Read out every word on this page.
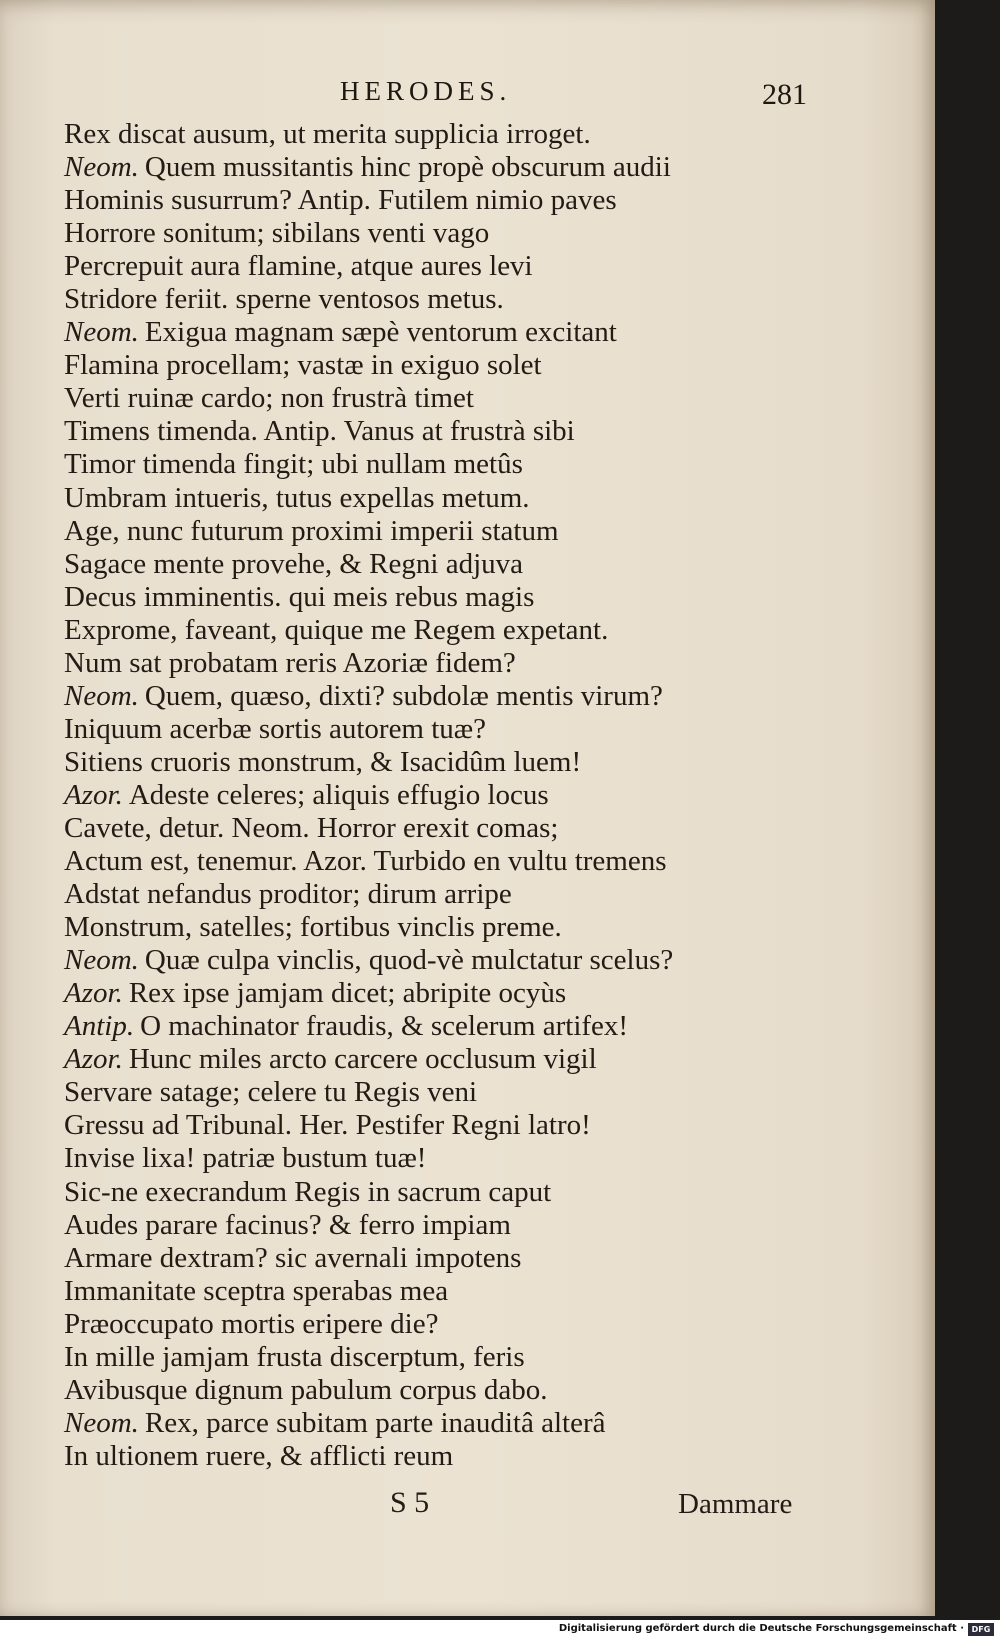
HERODES.	281
Rex discat ausum, ut merita supplicia irroget.
Neom. Quem mussitantis hinc propè obscurum audii
Hominis susurrum? Antip. Futilem nimio paves
Horrore sonitum; sibilans venti vago
Percrepuit aura flamine, atque aures levi
Stridore feriit. sperne ventosos metus.
Neom. Exigua magnam sæpè ventorum excitant
Flamina procellam; vastæ in exiguo solet
Verti ruinæ cardo; non frustrà timet
Timens timenda. Antip. Vanus at frustrà sibi
Timor timenda fingit; ubi nullam metûs
Umbram intueris, tutus expellas metum.
Age, nunc futurum proximi imperii statum
Sagace mente provehe, & Regni adjuva
Decus imminentis. qui meis rebus magis
Exprome, faveant, quique me Regem expetant.
Num sat probatam reris Azoriæ fidem?
Neom. Quem, quæso, dixti? subdolæ mentis virum?
Iniquum acerbæ sortis autorem tuæ?
Sitiens cruoris monstrum, & Isacidûm luem!
Azor. Adeste celeres; aliquis effugio locus
Cavete, detur. Neom. Horror erexit comas;
Actum est, tenemur. Azor. Turbido en vultu tremens
Adstat nefandus proditor; dirum arripe
Monstrum, satelles; fortibus vinclis preme.
Neom. Quæ culpa vinclis, quod-vè mulctatur scelus?
Azor. Rex ipse jamjam dicet; abripite ocyùs
Antip. O machinator fraudis, & scelerum artifex!
Azor. Hunc miles arcto carcere occlusum vigil
Servare satage; celere tu Regis veni
Gressu ad Tribunal. Her. Pestifer Regni latro!
Invise lixa! patriæ bustum tuæ!
Sic-ne execrandum Regis in sacrum caput
Audes parare facinus? & ferro impiam
Armare dextram? sic avernali impotens
Immanitate sceptra sperabas mea
Præoccupato mortis eripere die?
In mille jamjam frusta discerptum, feris
Avibusque dignum pabulum corpus dabo.
Neom. Rex, parce subitam parte inauditâ alterâ
In ultionem ruere, & afflicti reum
S 5	Dammare
Digitalisierung gefördert durch die Deutsche Forschungsgemeinschaft · DFG
